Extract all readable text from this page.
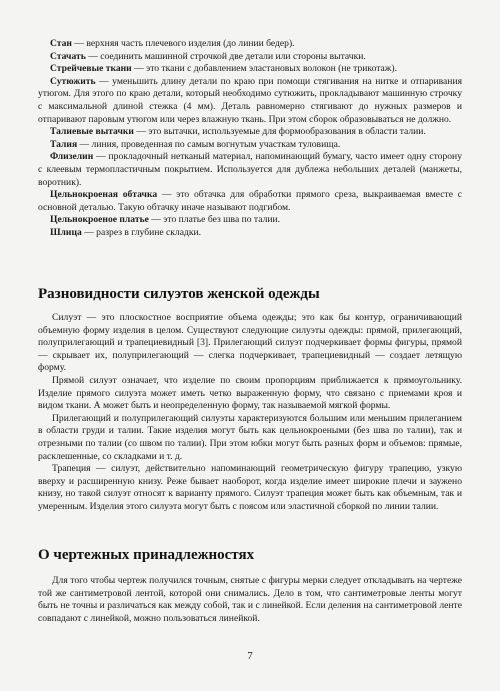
Стан — верхняя часть плечевого изделия (до линии бедер).
Стачать — соединить машинной строчкой две детали или стороны вытачки.
Стрейчевые ткани — это ткани с добавлением эластановых волокон (не трикотаж).
Сутюжить — уменьшить длину детали по краю при помощи стягивания на нитке и отпаривания утюгом. Для этого по краю детали, который необходимо сутюжить, прокладывают машинную строчку с максимальной длиной стежка (4 мм). Деталь равномерно стягивают до нужных размеров и отпаривают паровым утюгом или через влажную ткань. При этом сборок образовываться не должно.
Талиевые вытачки — это вытачки, используемые для формообразования в области талии.
Талия — линия, проведенная по самым вогнутым участкам туловища.
Флизелин — прокладочный нетканый материал, напоминающий бумагу, часто имеет одну сторону с клеевым термопластичным покрытием. Используется для дублежа небольших деталей (манжеты, воротник).
Цельнокроеная обтачка — это обтачка для обработки прямого среза, выкраиваемая вместе с основной деталью. Такую обтачку иначе называют подгибом.
Цельнокроеное платье — это платье без шва по талии.
Шлица — разрез в глубине складки.
Разновидности силуэтов женской одежды
Силуэт — это плоскостное восприятие объема одежды; это как бы контур, ограничивающий объемную форму изделия в целом. Существуют следующие силуэты одежды: прямой, прилегающий, полуприлегающий и трапециевидный [3]. Прилегающий силуэт подчеркивает формы фигуры, прямой — скрывает их, полуприлегающий — слегка подчеркивает, трапециевидный — создает летящую форму.
Прямой силуэт означает, что изделие по своим пропорциям приближается к прямоугольнику. Изделие прямого силуэта может иметь четко выраженную форму, что связано с приемами кроя и видом ткани. А может быть и неопределенную форму, так называемой мягкой формы.
Прилегающий и полуприлегающий силуэты характеризуются большим или меньшим прилеганием в области груди и талии. Такие изделия могут быть как цельнокроеными (без шва по талии), так и отрезными по талии (со швом по талии). При этом юбки могут быть разных форм и объемов: прямые, расклешенные, со складками и т. д.
Трапеция — силуэт, действительно напоминающий геометрическую фигуру трапецию, узкую вверху и расширенную книзу. Реже бывает наоборот, когда изделие имеет широкие плечи и зауженo книзу, но такой силуэт относят к варианту прямого. Силуэт трапеция может быть как объемным, так и умеренным. Изделия этого силуэта могут быть с поясом или эластичной сборкой по линии талии.
О чертежных принадлежностях
Для того чтобы чертеж получился точным, снятые с фигуры мерки следует откладывать на чертеже той же сантиметровой лентой, которой они снимались. Дело в том, что сантиметровые ленты могут быть не точны и различаться как между собой, так и с линейкой. Если деления на сантиметровой ленте совпадают с линейкой, можно пользоваться линейкой.
7
